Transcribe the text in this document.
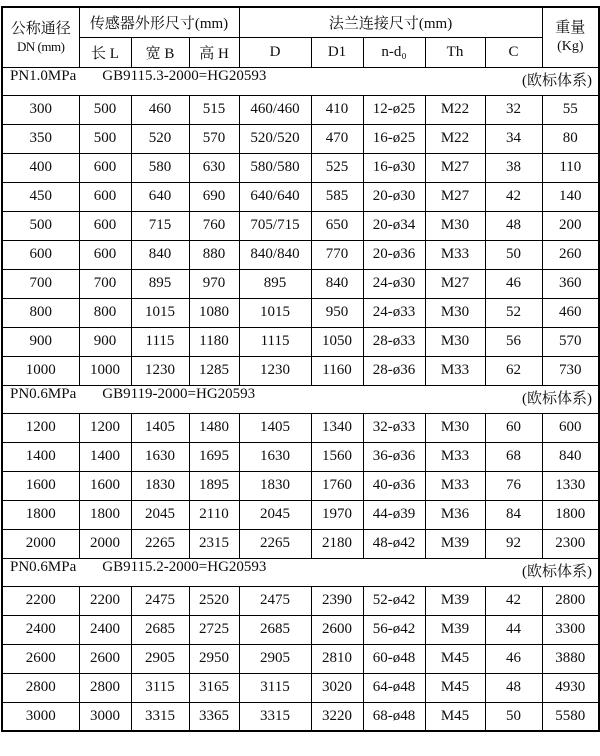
公称通径
DN (mm)
	传感器外形尺寸(mm)	法兰连接尺寸(mm)	重量
(Kg)

	长 L	宽 B	高 H	D	D1	n-d₀	Th	C	

(欧标体系)
PN1.0MPa GB9115.3-2000=HG20593									
300	500	460	515	460/460	410	12-ø25	M22	32	55
350	500	520	570	520/520	470	16-ø25	M22	34	80
400	600	580	630	580/580	525	16-ø30	M27	38	110
450	600	640	690	640/640	585	20-ø30	M27	42	140
500	600	715	760	705/715	650	20-ø34	M30	48	200
600	600	840	880	840/840	770	20-ø36	M33	50	260
700	700	895	970	895	840	24-ø30	M27	46	360
800	800	1015	1080	1015	950	24-ø33	M30	52	460
900	900	1115	1180	1115	1050	28-ø33	M30	56	570
1000	1000	1230	1285	1230	1160	28-ø36	M33	62	730

(欧标体系)
PN0.6MPa GB9119-2000=HG20593									
1200	1200	1405	1480	1405	1340	32-ø33	M30	60	600
1400	1400	1630	1695	1630	1560	36-ø36	M33	68	840
1600	1600	1830	1895	1830	1760	40-ø36	M33	76	1330
1800	1800	2045	2110	2045	1970	44-ø39	M36	84	1800
2000	2000	2265	2315	2265	2180	48-ø42	M39	92	2300

(欧标体系)
PN0.6MPa GB9115.2-2000=HG20593									
2200	2200	2475	2520	2475	2390	52-ø42	M39	42	2800
2400	2400	2685	2725	2685	2600	56-ø42	M39	44	3300
2600	2600	2905	2950	2905	2810	60-ø48	M45	46	3880
2800	2800	3115	3165	3115	3020	64-ø48	M45	48	4930
3000	3000	3315	3365	3315	3220	68-ø48	M45	50	5580
